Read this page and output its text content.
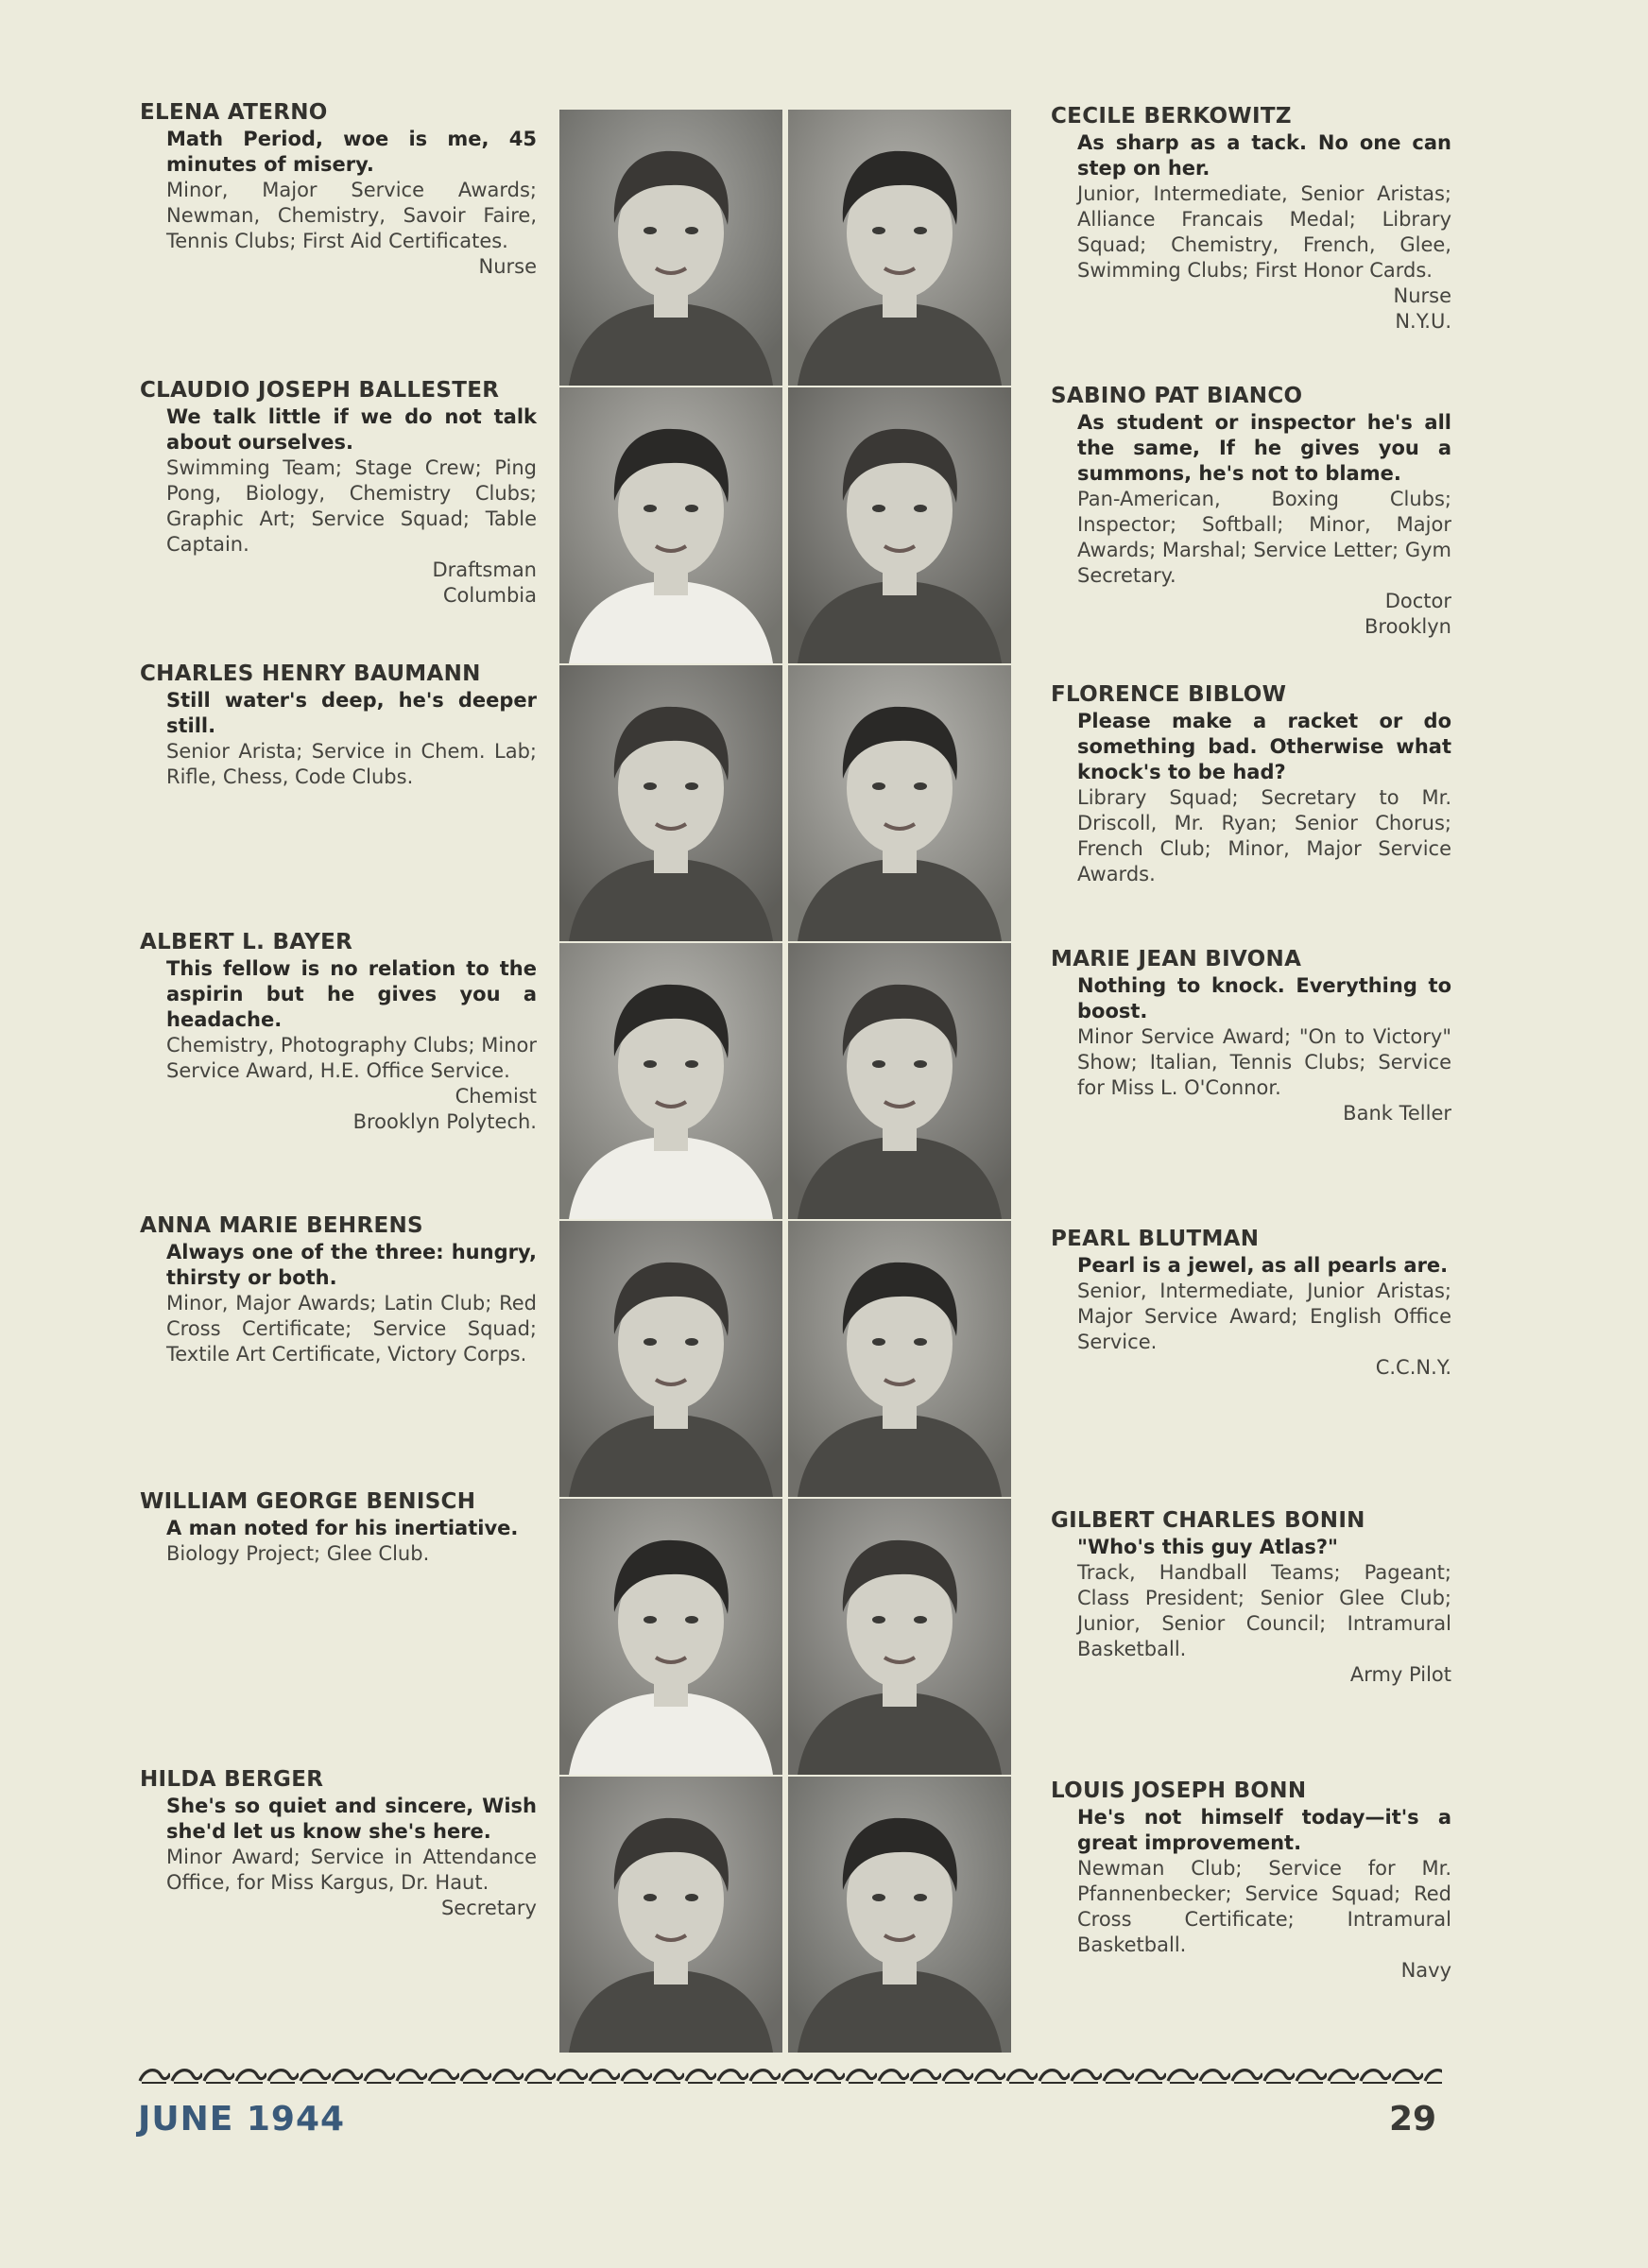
ELENA ATERNO
Math Period, woe is me, 45 minutes of misery.
Minor, Major Service Awards; Newman, Chemistry, Savoir Faire, Tennis Clubs; First Aid Certificates.
Nurse
CLAUDIO JOSEPH BALLESTER
We talk little if we do not talk about ourselves.
Swimming Team; Stage Crew; Ping Pong, Biology, Chemistry Clubs; Graphic Art; Service Squad; Table Captain.
Draftsman
Columbia
CHARLES HENRY BAUMANN
Still water's deep, he's deeper still.
Senior Arista; Service in Chem. Lab; Rifle, Chess, Code Clubs.
ALBERT L. BAYER
This fellow is no relation to the aspirin but he gives you a headache.
Chemistry, Photography Clubs; Minor Service Award, H.E. Office Service.
Chemist
Brooklyn Polytech.
ANNA MARIE BEHRENS
Always one of the three: hungry, thirsty or both.
Minor, Major Awards; Latin Club; Red Cross Certificate; Service Squad; Textile Art Certificate, Victory Corps.
WILLIAM GEORGE BENISCH
A man noted for his inertiative.
Biology Project; Glee Club.
HILDA BERGER
She's so quiet and sincere, Wish she'd let us know she's here.
Minor Award; Service in Attendance Office, for Miss Kargus, Dr. Haut.
Secretary
CECILE BERKOWITZ
As sharp as a tack. No one can step on her.
Junior, Intermediate, Senior Aristas; Alliance Francais Medal; Library Squad; Chemistry, French, Glee, Swimming Clubs; First Honor Cards.
Nurse
N.Y.U.
SABINO PAT BIANCO
As student or inspector he's all the same, If he gives you a summons, he's not to blame.
Pan-American, Boxing Clubs; Inspector; Softball; Minor, Major Awards; Marshal; Service Letter; Gym Secretary.
Doctor
Brooklyn
FLORENCE BIBLOW
Please make a racket or do something bad. Otherwise what knock's to be had?
Library Squad; Secretary to Mr. Driscoll, Mr. Ryan; Senior Chorus; French Club; Minor, Major Service Awards.
MARIE JEAN BIVONA
Nothing to knock. Everything to boost.
Minor Service Award; "On to Victory" Show; Italian, Tennis Clubs; Service for Miss L. O'Connor.
Bank Teller
PEARL BLUTMAN
Pearl is a jewel, as all pearls are.
Senior, Intermediate, Junior Aristas; Major Service Award; English Office Service.
C.C.N.Y.
GILBERT CHARLES BONIN
"Who's this guy Atlas?"
Track, Handball Teams; Pageant; Class President; Senior Glee Club; Junior, Senior Council; Intramural Basketball.
Army Pilot
LOUIS JOSEPH BONN
He's not himself today—it's a great improvement.
Newman Club; Service for Mr. Pfannenbecker; Service Squad; Red Cross Certificate; Intramural Basketball.
Navy
JUNE 1944	29
